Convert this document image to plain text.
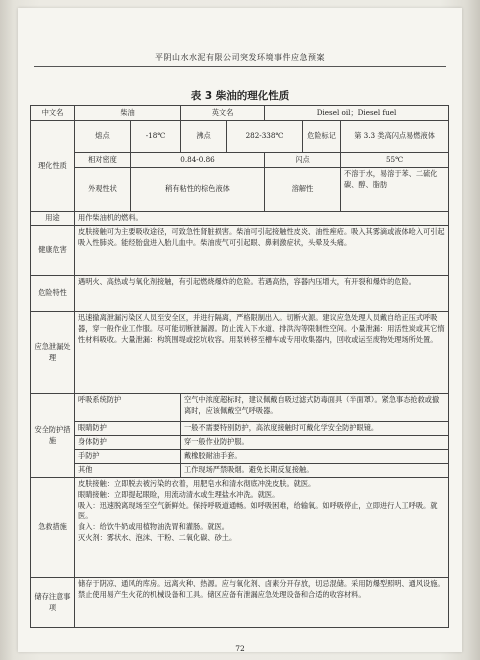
平阴山水水泥有限公司突发环境事件应急预案
表 3 柴油的理化性质
中文名	柴油		英文名		Diesel oil；Diesel fuel		
理化性质	熔点	-18℃	沸点	282-338℃		危险标记	第 3.3 类高闪点易燃液体
	相对密度	0.84-0.86			闪点		55℃
	外观性状	稍有粘性的棕色液体			溶解性		不溶于水，易溶于苯、二硫化碳、醇、脂肪
用途	用作柴油机的燃料。						
健康危害	皮肤接触可为主要吸收途径，可致急性肾脏损害。柴油可引起接触性皮炎、油性痤疮。吸入其雾滴或液体呛入可引起吸入性肺炎。能经胎盘进入胎儿血中。柴油废气可引起眼、鼻刺激症状，头晕及头痛。						
危险特性	遇明火、高热或与氧化剂接触，有引起燃烧爆炸的危险。若遇高热，容器内压增大，有开裂和爆炸的危险。						
应急泄漏处理	迅速撤离泄漏污染区人员至安全区，并进行隔离，严格限制出入。切断火源。建议应急处理人员戴自给正压式呼吸器，穿一般作业工作服。尽可能切断泄漏源。防止流入下水道、排洪沟等限制性空间。小量泄漏：用活性炭或其它惰性材料吸收。大量泄漏：构筑围堤或挖坑收容。用泵转移至槽车或专用收集器内，回收或运至废物处理场所处置。						
安全防护措施	呼吸系统防护		空气中浓度超标时，建议佩戴自吸过滤式防毒面具（半面罩）。紧急事态抢救或撤离时，应该佩戴空气呼吸器。				
	眼睛防护		一般不需要特别防护，高浓度接触时可戴化学安全防护眼镜。				
	身体防护		穿一般作业防护服。				
	手防护		戴橡胶耐油手套。				
	其他		工作现场严禁吸烟。避免长期反复接触。				
急救措施	皮肤接触：立即脱去被污染的衣着，用肥皂水和清水彻底冲洗皮肤。就医。
眼睛接触：立即提起眼睑，用流动清水或生理盐水冲洗。就医。
吸入：迅速脱离现场至空气新鲜处。保持呼吸道通畅。如呼吸困难，给输氧。如呼吸停止，立即进行人工呼吸。就医。
食入：给饮牛奶或用植物油洗胃和灌肠。就医。
灭火剂：雾状水、泡沫、干粉、二氧化碳、砂土。						

储存注意事项	储存于阴凉、通风的库房。远离火种、热源。应与氧化剂、卤素分开存放，切忌混储。采用防爆型照明、通风设施。禁止使用易产生火花的机械设备和工具。储区应备有泄漏应急处理设备和合适的收容材料。						
72
